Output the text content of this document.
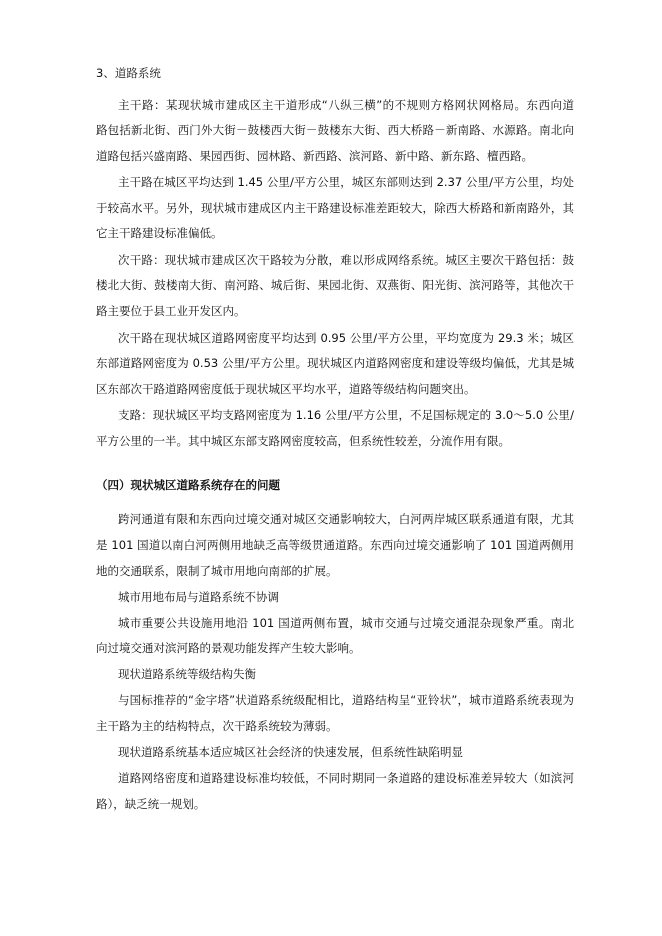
3、道路系统
主干路：某现状城市建成区主干道形成“八纵三横”的不规则方格网状网格局。东西向道
路包括新北街、西门外大街－鼓楼西大街－鼓楼东大街、西大桥路－新南路、水源路。南北向
道路包括兴盛南路、果园西街、园林路、新西路、滨河路、新中路、新东路、檀西路。
主干路在城区平均达到 1.45 公里/平方公里，城区东部则达到 2.37 公里/平方公里，均处
于较高水平。另外，现状城市建成区内主干路建设标准差距较大，除西大桥路和新南路外，其
它主干路建设标准偏低。
次干路：现状城市建成区次干路较为分散，难以形成网络系统。城区主要次干路包括：鼓
楼北大街、鼓楼南大街、南河路、城后街、果园北街、双燕街、阳光街、滨河路等，其他次干
路主要位于县工业开发区内。
次干路在现状城区道路网密度平均达到 0.95 公里/平方公里，平均宽度为 29.3 米；城区
东部道路网密度为 0.53 公里/平方公里。现状城区内道路网密度和建设等级均偏低，尤其是城
区东部次干路道路网密度低于现状城区平均水平，道路等级结构问题突出。
支路：现状城区平均支路网密度为 1.16 公里/平方公里，不足国标规定的 3.0～5.0 公里/
平方公里的一半。其中城区东部支路网密度较高，但系统性较差，分流作用有限。
（四）现状城区道路系统存在的问题
跨河通道有限和东西向过境交通对城区交通影响较大，白河两岸城区联系通道有限，尤其
是 101 国道以南白河两侧用地缺乏高等级贯通道路。东西向过境交通影响了 101 国道两侧用
地的交通联系，限制了城市用地向南部的扩展。
城市用地布局与道路系统不协调
城市重要公共设施用地沿 101 国道两侧布置，城市交通与过境交通混杂现象严重。南北
向过境交通对滨河路的景观功能发挥产生较大影响。
现状道路系统等级结构失衡
与国标推荐的“金字塔”状道路系统级配相比，道路结构呈“亚铃状”，城市道路系统表现为
主干路为主的结构特点，次干路系统较为薄弱。
现状道路系统基本适应城区社会经济的快速发展，但系统性缺陷明显
道路网络密度和道路建设标准均较低，不同时期同一条道路的建设标准差异较大（如滨河
路），缺乏统一规划。
